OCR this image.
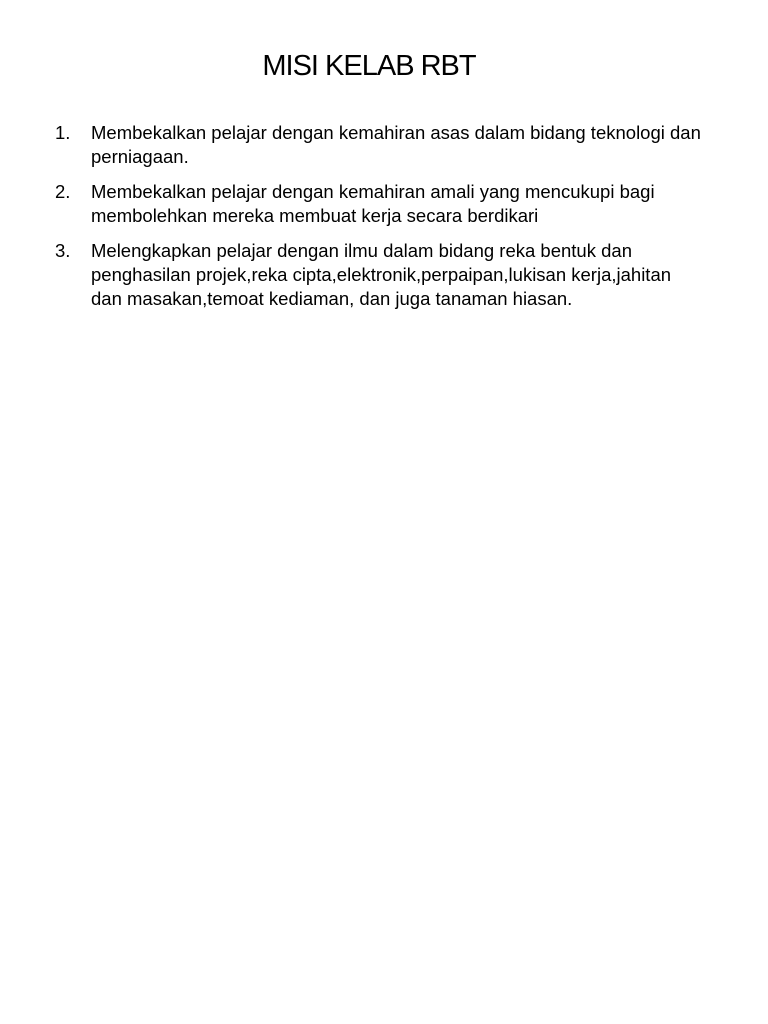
MISI KELAB RBT
1.	Membekalkan pelajar dengan kemahiran asas dalam bidang teknologi dan perniagaan.
2.	Membekalkan pelajar dengan kemahiran amali yang mencukupi bagi membolehkan mereka membuat kerja secara berdikari
3.	Melengkapkan pelajar dengan ilmu dalam bidang reka bentuk dan penghasilan projek,reka cipta,elektronik,perpaipan,lukisan kerja,jahitan dan masakan,temoat kediaman, dan juga tanaman hiasan.
